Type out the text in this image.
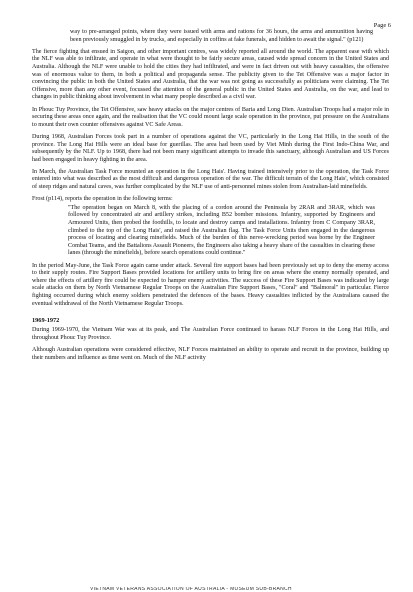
Page 6

way to pre-arranged points, where they were issued with arms and rations for 36 hours, the arms and ammunition having been previously smuggled in by trucks, and especially in coffins at fake funerals, and hidden to await the signal." (p121)

The fierce fighting that ensued in Saigon, and other important centres, was widely reported all around the world. The apparent ease with which the NLF was able to infiltrate, and operate in what were thought to be fairly secure areas, caused wide spread concern in the United States and Australia. Although the NLF were unable to hold the cities they had infiltrated, and were in fact driven out with heavy casualties, the offensive was of enormous value to them, in both a political and propaganda sense. The publicity given to the Tet Offensive was a major factor in convincing the public in both the United States and Australia, that the war was not going as successfully as politicians were claiming. The Tet Offensive, more than any other event, focussed the attention of the general public in the United States and Australia, on the war, and lead to changes in public thinking about involvement in what many people described as a civil war.

In Phouc Tuy Province, the Tet Offensive, saw heavy attacks on the major centres of Baria and Long Dien. Australian Troops had a major role in securing these areas once again, and the realisation that the VC could mount large scale operation in the province, put pressure on the Australians to mount their own counter offensives against VC Safe Areas.

During 1968, Australian Forces took part in a number of operations against the VC, particularly in the Long Hai Hills, in the south of the province. The Long Hai Hills were an ideal base for guerillas. The area had been used by Viet Minh during the First Indo-China War, and subsequently by the NLF. Up to 1968, there had not been many significant attempts to invade this sanctuary, although Australian and US Forces had been engaged in heavy fighting in the area.

In March, the Australian Task Force mounted an operation in the Long Hais'. Having trained intensively prior to the operation, the Task Force entered into what was described as the most difficult and dangerous operation of the war. The difficult terrain of the Long Hais', which consisted of steep ridges and natural caves, was further complicated by the NLF use of anti-personnel mines stolen from Australian-laid minefields.

Frost (p114), reports the operation in the following terms:

"The operation began on March 8, with the placing of a cordon around the Peninsula by 2RAR and 3RAR, which was followed by concentrated air and artillery strikes, including B52 bomber missions. Infantry, supported by Engineers and Armoured Units, then probed the foothills, to locate and destroy camps and installations. Infantry from C Company 3RAR, climbed to the top of the Long Hais', and raised the Australian flag. The Task Force Units then engaged in the dangerous process of locating and clearing minefields. Much of the burden of this nerve-wrecking period was borne by the Engineer Combat Teams, and the Battalions Assault Pioneers, the Engineers also taking a heavy share of the casualties in clearing these lanes (through the minefields), before search operations could continue."

In the period May-June, the Task Force again came under attack. Several fire support bases had been previously set up to deny the enemy access to their supply routes. Fire Support Bases provided locations for artillery units to bring fire on areas where the enemy normally operated, and where the effects of artillery fire could be expected to hamper enemy activities. The success of these Fire Support Bases was indicated by large scale attacks on them by North Vietnamese Regular Troops on the Australian Fire Support Bases, "Coral" and "Balmoral" in particular. Fierce fighting occurred during which enemy soldiers penetrated the defences of the bases. Heavy casualties inflicted by the Australians caused the eventual withdrawal of the North Vietnamese Regular Troops.

1969-1972

During 1969-1970, the Vietnam War was at its peak, and The Australian Force continued to harass NLF Forces in the Long Hai Hills, and throughout Phouc Tuy Province.

Although Australian operations were considered effective, NLF Forces maintained an ability to operate and recruit in the province, building up their numbers and influence as time went on. Much of the NLF activity

VIETNAM VETERANS ASSOCIATION OF AUSTRALIA - MUSEUM SUB-BRANCH
